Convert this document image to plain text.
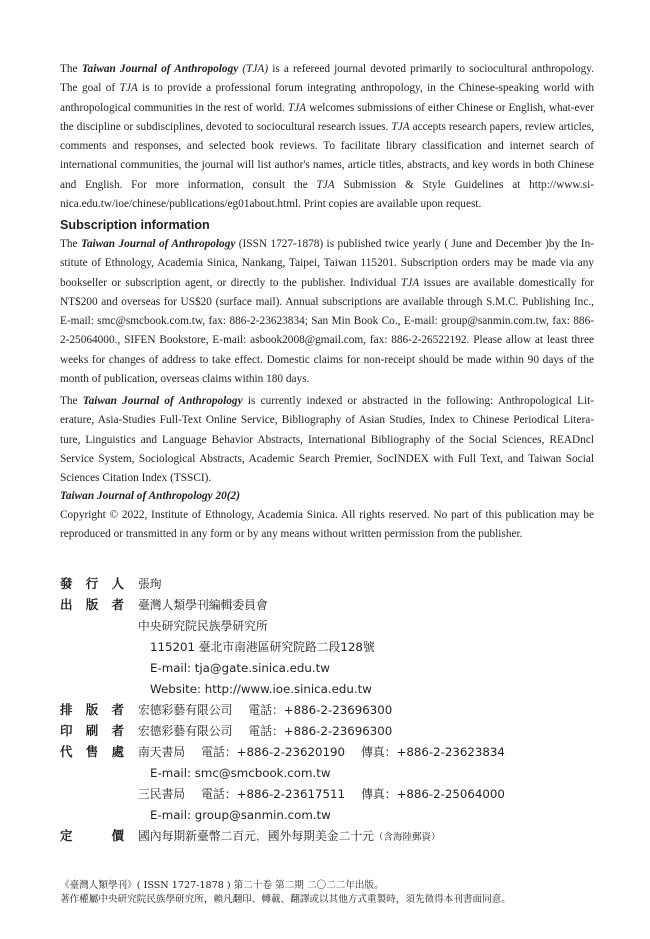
The Taiwan Journal of Anthropology (TJA) is a refereed journal devoted primarily to sociocultural anthropology. The goal of TJA is to provide a professional forum integrating anthropology, in the Chinese-speaking world with anthropological communities in the rest of world. TJA welcomes submissions of either Chinese or English, what-ever the discipline or subdisciplines, devoted to sociocultural research issues. TJA accepts research papers, review articles, comments and responses, and selected book reviews. To facilitate library classification and internet search of international communities, the journal will list author's names, article titles, abstracts, and key words in both Chinese and English. For more information, consult the TJA Submission & Style Guidelines at http://www.si-nica.edu.tw/ioe/chinese/publications/eg01about.html. Print copies are available upon request.

Subscription information

The Taiwan Journal of Anthropology (ISSN 1727-1878) is published twice yearly ( June and December )by the In-stitute of Ethnology, Academia Sinica, Nankang, Taipei, Taiwan 115201. Subscription orders may be made via any bookseller or subscription agent, or directly to the publisher. Individual TJA issues are available domestically for NT$200 and overseas for US$20 (surface mail). Annual subscriptions are available through S.M.C. Publishing Inc., E-mail: smc@smcbook.com.tw, fax: 886-2-23623834; San Min Book Co., E-mail: group@sanmin.com.tw, fax: 886-2-25064000., SIFEN Bookstore, E-mail: asbook2008@gmail.com, fax: 886-2-26522192. Please allow at least three weeks for changes of address to take effect. Domestic claims for non-receipt should be made within 90 days of the month of publication, overseas claims within 180 days.

The Taiwan Journal of Anthropology is currently indexed or abstracted in the following: Anthropological Lit-erature, Asia-Studies Full-Text Online Service, Bibliography of Asian Studies, Index to Chinese Periodical Litera-ture, Linguistics and Language Behavior Abstracts, International Bibliography of the Social Sciences, READncl Service System, Sociological Abstracts, Academic Search Premier, SocINDEX with Full Text, and Taiwan Social Sciences Citation Index (TSSCI).

Taiwan Journal of Anthropology 20(2)

Copyright © 2022, Institute of Ethnology, Academia Sinica. All rights reserved. No part of this publication may be reproduced or transmitted in any form or by any means without written permission from the publisher.

發 行 人 張珣
出 版 者 臺灣人類學刊編輯委員會
中央研究院民族學研究所
115201 臺北市南港區研究院路二段128號
E-mail: tja@gate.sinica.edu.tw
Website: http://www.ioe.sinica.edu.tw
排 版 者 宏德彩藝有限公司 電話：+886-2-23696300
印 刷 者 宏德彩藝有限公司 電話：+886-2-23696300
代 售 處 南天書局 電話：+886-2-23620190 傳真：+886-2-23623834
E-mail: smc@smcbook.com.tw
三民書局 電話：+886-2-23617511 傳真：+886-2-25064000
E-mail: group@sanmin.com.tw
定	價 國內每期新臺幣二百元．國外每期美金二十元（含海陸郵資）
《臺灣人類學刊》( ISSN 1727-1878 ) 第二十卷 第二期 二〇二二年出版。
著作權屬中央研究院民族學研究所，賴凡翻印、轉載、翻譯或以其他方式重製時，須先徵得本刊書面同意。
